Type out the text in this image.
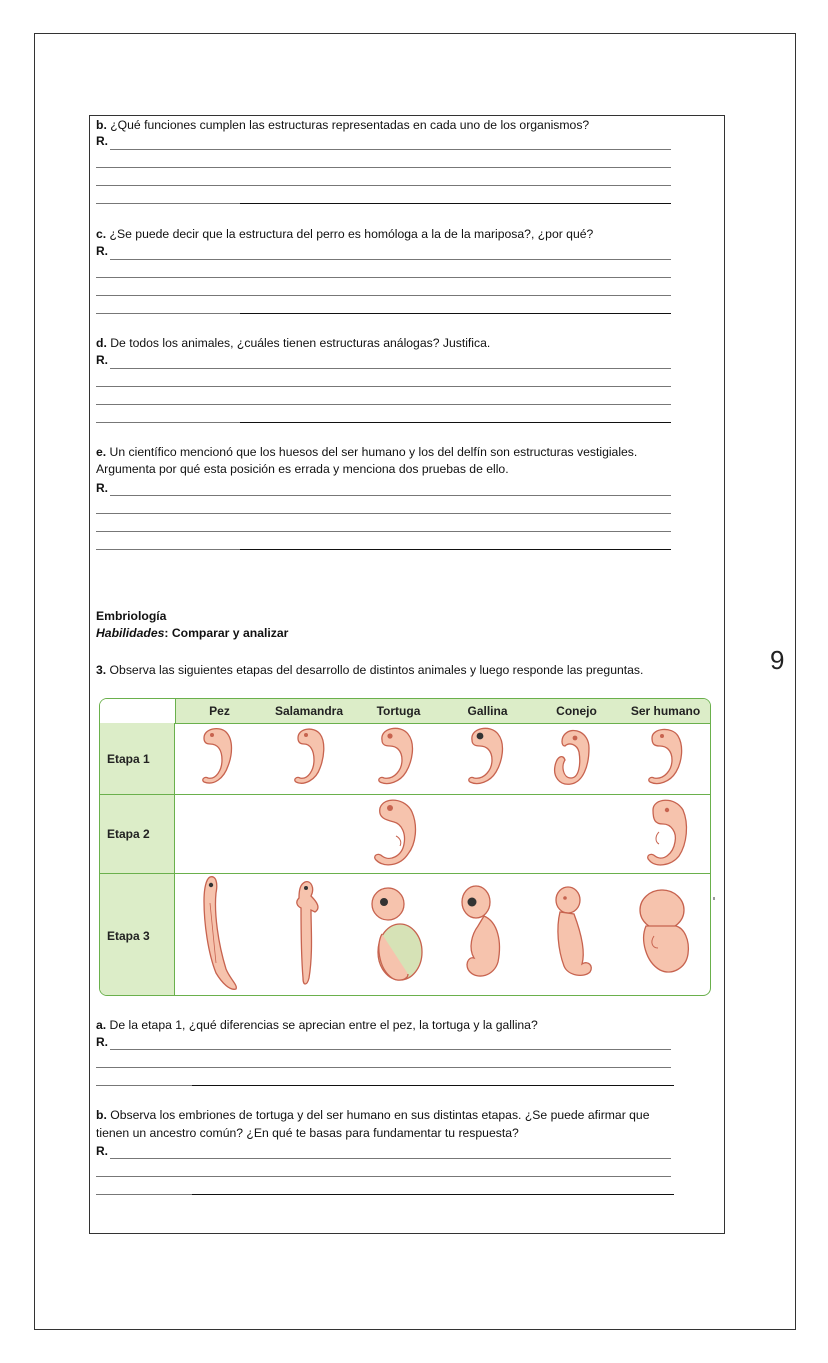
9
b. ¿Qué funciones cumplen las estructuras representadas en cada uno de los organismos?
R.
c. ¿Se puede decir que la estructura del perro es homóloga a la de la mariposa?, ¿por qué?
R.
d. De todos los animales, ¿cuáles tienen estructuras análogas? Justifica.
R.
e. Un científico mencionó que los huesos del ser humano y los del delfín son estructuras vestigiales.
Argumenta por qué esta posición es errada y menciona dos pruebas de ello.
R.
Embriología
Habilidades: Comparar y analizar
3. Observa las siguientes etapas del desarrollo de distintos animales y luego responde las preguntas.
Pez	Salamandra	Tortuga	Gallina	Conejo	Ser humano
Etapa 1
Etapa 2
Etapa 3
a. De la etapa 1, ¿qué diferencias se aprecian entre el pez, la tortuga y la gallina?
R.
b. Observa los embriones de tortuga y del ser humano en sus distintas etapas. ¿Se puede afirmar que
tienen un ancestro común? ¿En qué te basas para fundamentar tu respuesta?
R.
